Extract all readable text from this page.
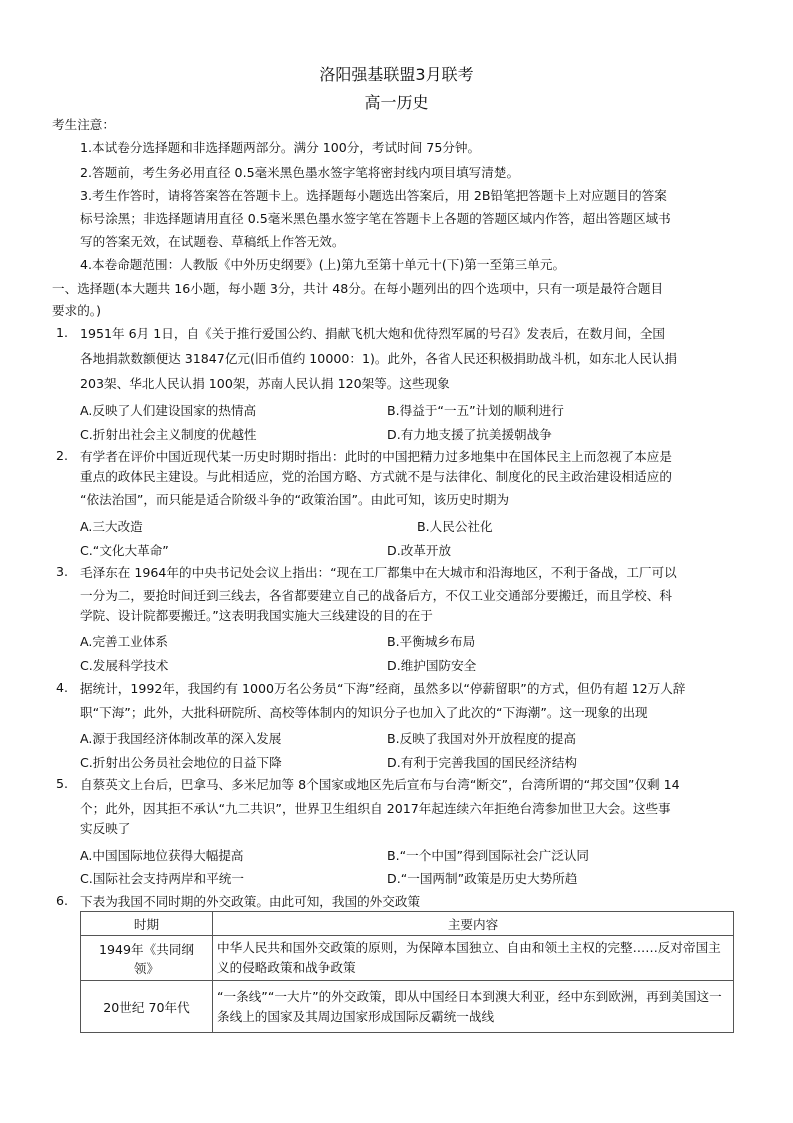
洛阳强基联盟3月联考
高一历史
考生注意：
1.本试卷分选择题和非选择题两部分。满分 100分，考试时间 75分钟。
2.答题前，考生务必用直径 0.5毫米黑色墨水签字笔将密封线内项目填写清楚。
3.考生作答时，请将答案答在答题卡上。选择题每小题选出答案后，用 2B铅笔把答题卡上对应题目的答案
标号涂黑；非选择题请用直径 0.5毫米黑色墨水签字笔在答题卡上各题的答题区域内作答，超出答题区域书
写的答案无效，在试题卷、草稿纸上作答无效。
4.本卷命题范围：人教版《中外历史纲要》(上)第九至第十单元十(下)第一至第三单元。
一、选择题(本大题共 16小题，每小题 3分，共计 48分。在每小题列出的四个选项中，只有一项是最符合题目
要求的。)
1. 1951年 6月 1日，自《关于推行爱国公约、捐献飞机大炮和优待烈军属的号召》发表后，在数月间，全国
各地捐款数额便达 31847亿元(旧币值约 10000：1)。此外，各省人民还积极捐助战斗机，如东北人民认捐
203架、华北人民认捐 100架，苏南人民认捐 120架等。这些现象
A.反映了人们建设国家的热情高	B.得益于“一五”计划的顺利进行
C.折射出社会主义制度的优越性	D.有力地支援了抗美援朝战争
2. 有学者在评价中国近现代某一历史时期时指出：此时的中国把精力过多地集中在国体民主上而忽视了本应是
重点的政体民主建设。与此相适应，党的治国方略、方式就不是与法律化、制度化的民主政治建设相适应的
“依法治国”，而只能是适合阶级斗争的“政策治国”。由此可知，该历史时期为
A.三大改造	B.人民公社化
C.“文化大革命”	D.改革开放
3. 毛泽东在 1964年的中央书记处会议上指出：“现在工厂都集中在大城市和沿海地区，不利于备战，工厂可以
一分为二，要抢时间迁到三线去，各省都要建立自己的战备后方，不仅工业交通部分要搬迁，而且学校、科
学院、设计院都要搬迁。”这表明我国实施大三线建设的目的在于
A.完善工业体系	B.平衡城乡布局
C.发展科学技术	D.维护国防安全
4. 据统计，1992年，我国约有 1000万名公务员“下海”经商，虽然多以“停薪留职”的方式，但仍有超 12万人辞
职“下海”；此外，大批科研院所、高校等体制内的知识分子也加入了此次的“下海潮”。这一现象的出现
A.源于我国经济体制改革的深入发展	B.反映了我国对外开放程度的提高
C.折射出公务员社会地位的日益下降	D.有利于完善我国的国民经济结构
5. 自蔡英文上台后，巴拿马、多米尼加等 8个国家或地区先后宣布与台湾“断交”，台湾所谓的“邦交国”仅剩 14
个；此外，因其拒不承认“九二共识”，世界卫生组织自 2017年起连续六年拒绝台湾参加世卫大会。这些事
实反映了
A.中国国际地位获得大幅提高	B.“一个中国”得到国际社会广泛认同
C.国际社会支持两岸和平统一	D.“一国两制”政策是历史大势所趋
6. 下表为我国不同时期的外交政策。由此可知，我国的外交政策
时期	主要内容

1949年《共同纲
领》	中华人民共和国外交政策的原则，为保障本国独立、自由和领土主权的完整……反对帝国主义的侵略政策和战争政策

20世纪 70年代	“一条线”“一大片”的外交政策，即从中国经日本到澳大利亚，经中东到欧洲，再到美国这一条线上的国家及其周边国家形成国际反霸统一战线
